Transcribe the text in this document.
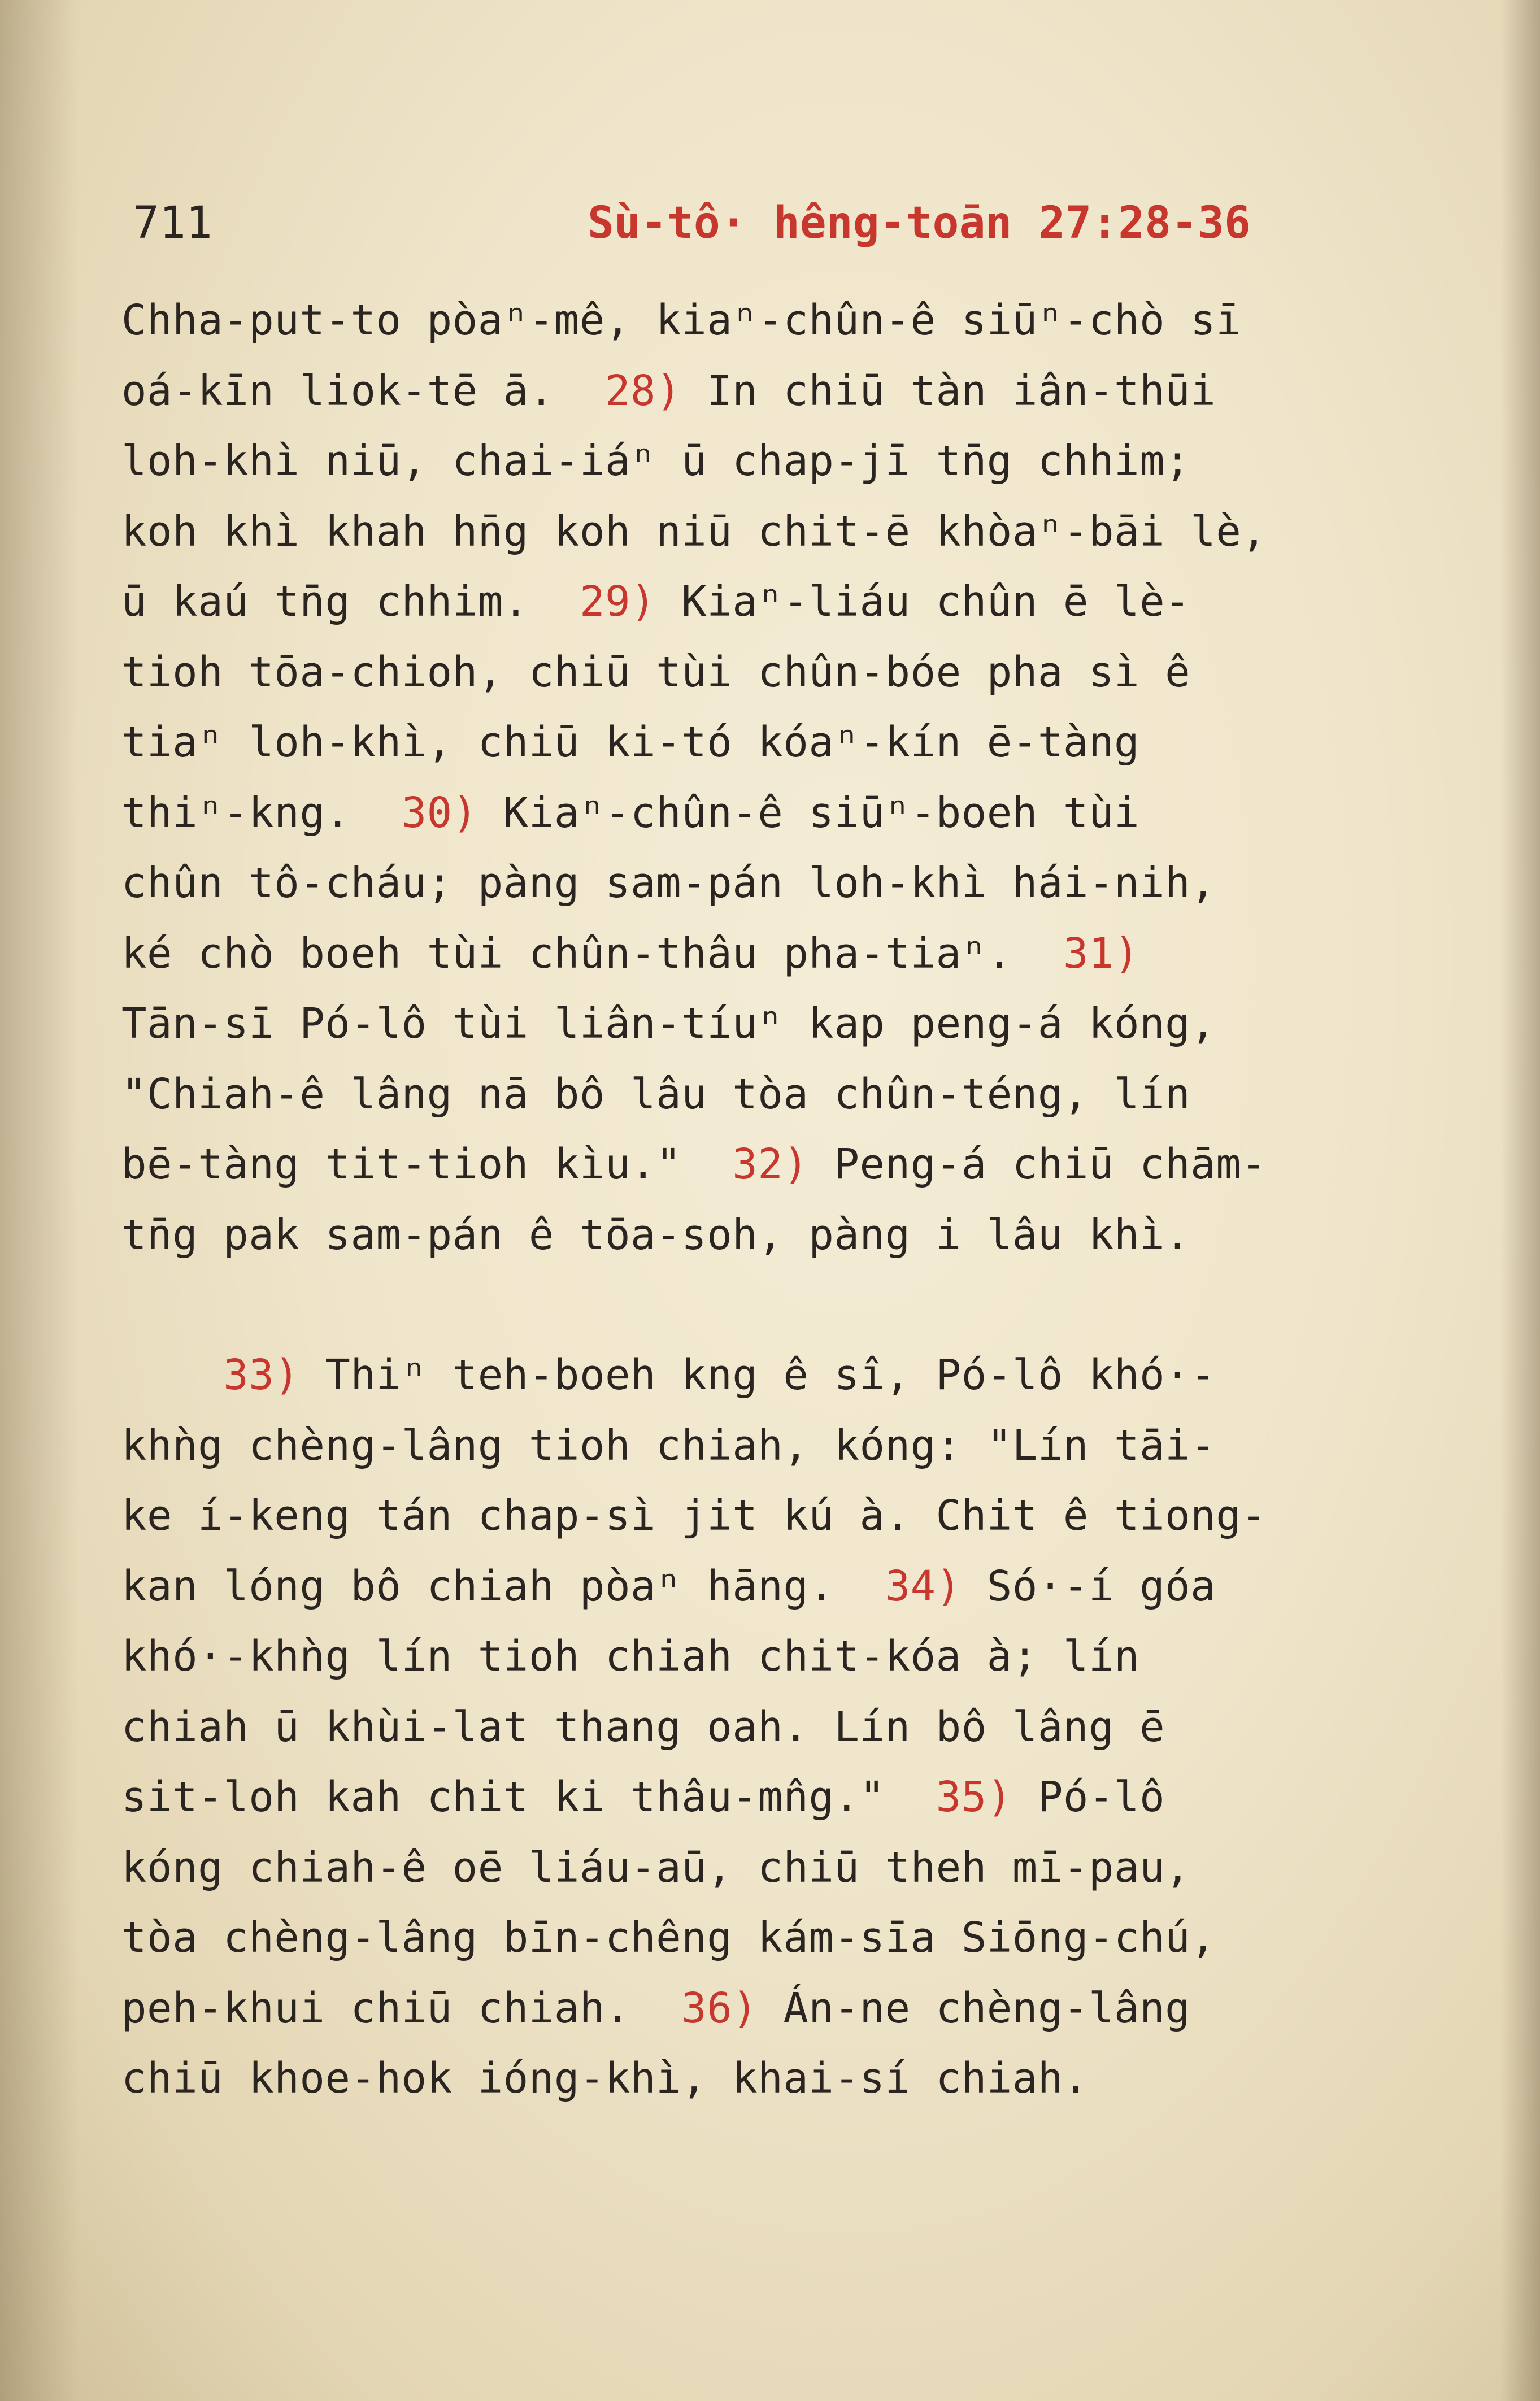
711	Sù-tô· hêng-toān 27:28-36
Chha-put-to pòaⁿ-mê, kiaⁿ-chûn-ê siūⁿ-chò sī
oá-kīn liok-tē ā.  28) In chiū tàn iân-thūi
loh-khì niū, chai-iáⁿ ū chap-jī tn̄g chhim;
koh khì khah hn̄g koh niū chit-ē khòaⁿ-bāi lè,
ū kaú tn̄g chhim.  29) Kiaⁿ-liáu chûn ē lè-
tioh tōa-chioh, chiū tùi chûn-bóe pha sì ê
tiaⁿ loh-khì, chiū ki-tó kóaⁿ-kín ē-tàng
thiⁿ-kng.  30) Kiaⁿ-chûn-ê siūⁿ-boeh tùi
chûn tô-cháu; pàng sam-pán loh-khì hái-nih,
ké chò boeh tùi chûn-thâu pha-tiaⁿ.  31)
Tān-sī Pó-lô tùi liân-tíuⁿ kap peng-á kóng,
"Chiah-ê lâng nā bô lâu tòa chûn-téng, lín
bē-tàng tit-tioh kìu."  32) Peng-á chiū chām-
tn̄g pak sam-pán ê tōa-soh, pàng i lâu khì.
33) Thiⁿ teh-boeh kng ê sî, Pó-lô khó·-
khǹg chèng-lâng tioh chiah, kóng: "Lín tāi-
ke í-keng tán chap-sì jit kú à. Chit ê tiong-
kan lóng bô chiah pòaⁿ hāng.  34) Só·-í góa
khó·-khǹg lín tioh chiah chit-kóa à; lín
chiah ū khùi-lat thang oah. Lín bô lâng ē
sit-loh kah chit ki thâu-mn̂g."  35) Pó-lô
kóng chiah-ê oē liáu-aū, chiū theh mī-pau,
tòa chèng-lâng bīn-chêng kám-sīa Siōng-chú,
peh-khui chiū chiah.  36) Án-ne chèng-lâng
chiū khoe-hok ióng-khì, khai-sí chiah.
